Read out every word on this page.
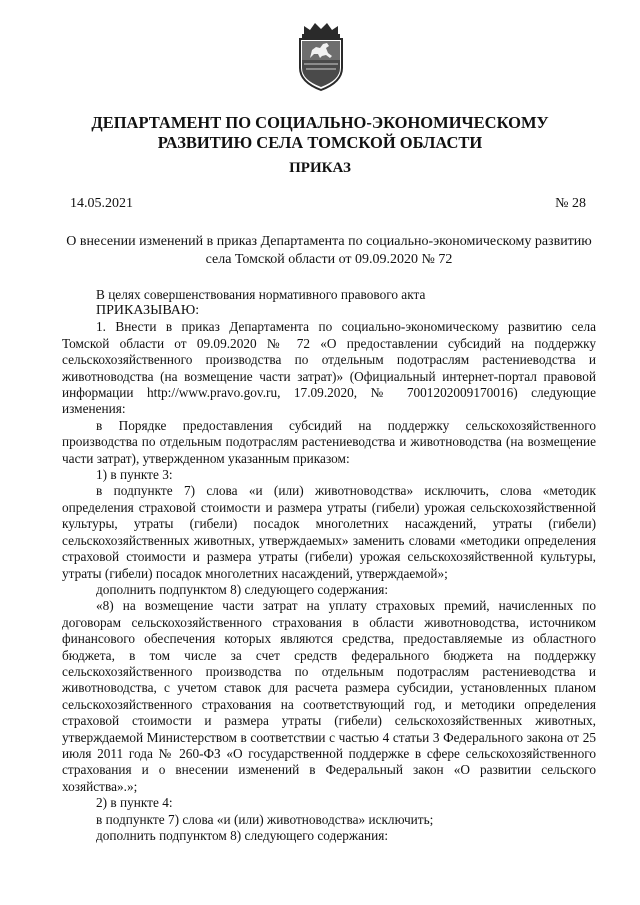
ДЕПАРТАМЕНТ ПО СОЦИАЛЬНО-ЭКОНОМИЧЕСКОМУ
РАЗВИТИЮ СЕЛА ТОМСКОЙ ОБЛАСТИ
ПРИКАЗ
14.05.2021	№ 28
О внесении изменений в приказ Департамента по социально-экономическому развитию
села Томской области от 09.09.2020 № 72

В целях совершенствования нормативного правового акта

ПРИКАЗЫВАЮ:

1. Внести в приказ Департамента по социально-экономическому развитию села Томской области от 09.09.2020 № 72 «О предоставлении субсидий на поддержку сельскохозяйственного производства по отдельным подотраслям растениеводства и животноводства (на возмещение части затрат)» (Официальный интернет-портал правовой информации http://www.pravo.gov.ru, 17.09.2020, № 7001202009170016) следующие изменения:

в Порядке предоставления субсидий на поддержку сельскохозяйственного производства по отдельным подотраслям растениеводства и животноводства (на возмещение части затрат), утвержденном указанным приказом:

1) в пункте 3:

в подпункте 7) слова «и (или) животноводства» исключить, слова «методик определения страховой стоимости и размера утраты (гибели) урожая сельскохозяйственной культуры, утраты (гибели) посадок многолетних насаждений, утраты (гибели) сельскохозяйственных животных, утверждаемых» заменить словами «методики определения страховой стоимости и размера утраты (гибели) урожая сельскохозяйственной культуры, утраты (гибели) посадок многолетних насаждений, утверждаемой»;

дополнить подпунктом 8) следующего содержания:

«8) на возмещение части затрат на уплату страховых премий, начисленных по договорам сельскохозяйственного страхования в области животноводства, источником финансового обеспечения которых являются средства, предоставляемые из областного бюджета, в том числе за счет средств федерального бюджета на поддержку сельскохозяйственного производства по отдельным подотраслям растениеводства и животноводства, с учетом ставок для расчета размера субсидии, установленных планом сельскохозяйственного страхования на соответствующий год, и методики определения страховой стоимости и размера утраты (гибели) сельскохозяйственных животных, утверждаемой Министерством в соответствии с частью 4 статьи 3 Федерального закона от 25 июля 2011 года № 260-ФЗ «О государственной поддержке в сфере сельскохозяйственного страхования и о внесении изменений в Федеральный закон «О развитии сельского хозяйства».»;

2) в пункте 4:

в подпункте 7) слова «и (или) животноводства» исключить;

дополнить подпунктом 8) следующего содержания:
